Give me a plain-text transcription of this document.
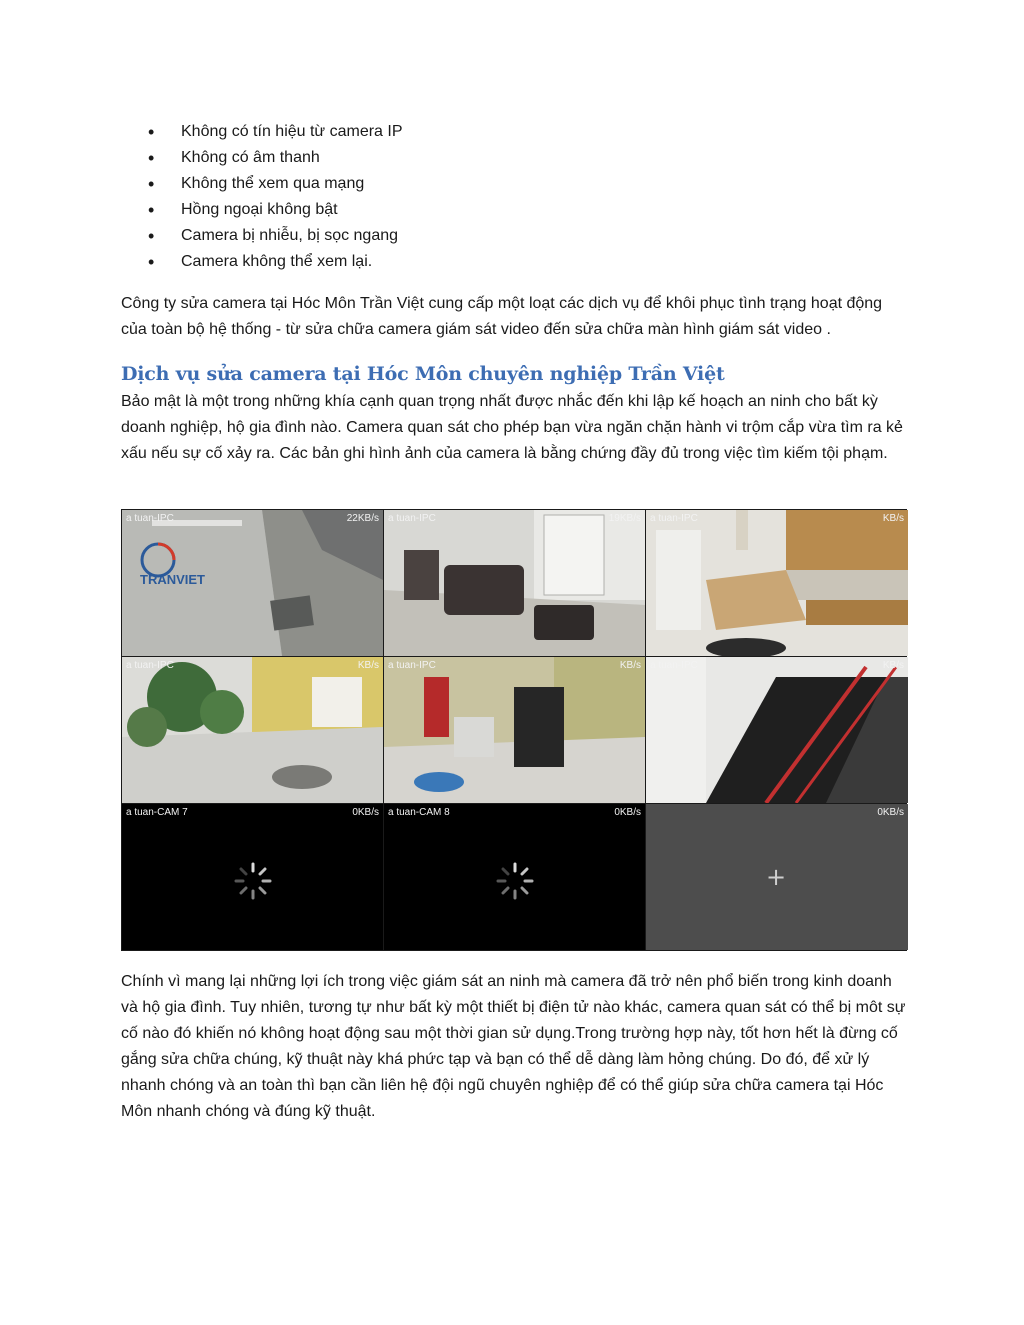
• Không có tín hiệu từ camera IP
• Không có âm thanh
• Không thể xem qua mạng
• Hồng ngoại không bật
• Camera bị nhiễu, bị sọc ngang
• Camera không thể xem lại.

Công ty sửa camera tại Hóc Môn Trần Việt cung cấp một loạt các dịch vụ để khôi phục tình trạng hoạt động của toàn bộ hệ thống - từ sửa chữa camera giám sát video đến sửa chữa màn hình giám sát video .

Dịch vụ sửa camera tại Hóc Môn chuyên nghiệp Trần Việt

Bảo mật là một trong những khía cạnh quan trọng nhất được nhắc đến khi lập kế hoạch an ninh cho bất kỳ doanh nghiệp, hộ gia đình nào. Camera quan sát cho phép bạn vừa ngăn chặn hành vi trộm cắp vừa tìm ra kẻ xấu nếu sự cố xảy ra. Các bản ghi hình ảnh của camera là bằng chứng đầy đủ trong việc tìm kiếm tội phạm.

TRANVIET
a tuan-IPC	22KB/s a tuan-IPC	19KB/s a tuan-IPC	KB/s
a tuan-IPC	KB/s a tuan-IPC	KB/s a tuan-IPC	KB/s
a tuan-CAM 7	0KB/s a tuan-CAM 8	0KB/s
+
0KB/s

Chính vì mang lại những lợi ích trong việc giám sát an ninh mà camera đã trở nên phổ biến trong kinh doanh và hộ gia đình. Tuy nhiên, tương tự như bất kỳ một thiết bị điện tử nào khác, camera quan sát có thể bị môt sự cố nào đó khiến nó không hoạt động sau một thời gian sử dụng.Trong trường hợp này, tốt hơn hết là đừng cố gắng sửa chữa chúng, kỹ thuật này khá phức tạp và bạn có thể dễ dàng làm hỏng chúng. Do đó, để xử lý nhanh chóng và an toàn thì bạn cần liên hệ đội ngũ chuyên nghiệp để có thể giúp sửa chữa camera tại Hóc Môn nhanh chóng và đúng kỹ thuật.
